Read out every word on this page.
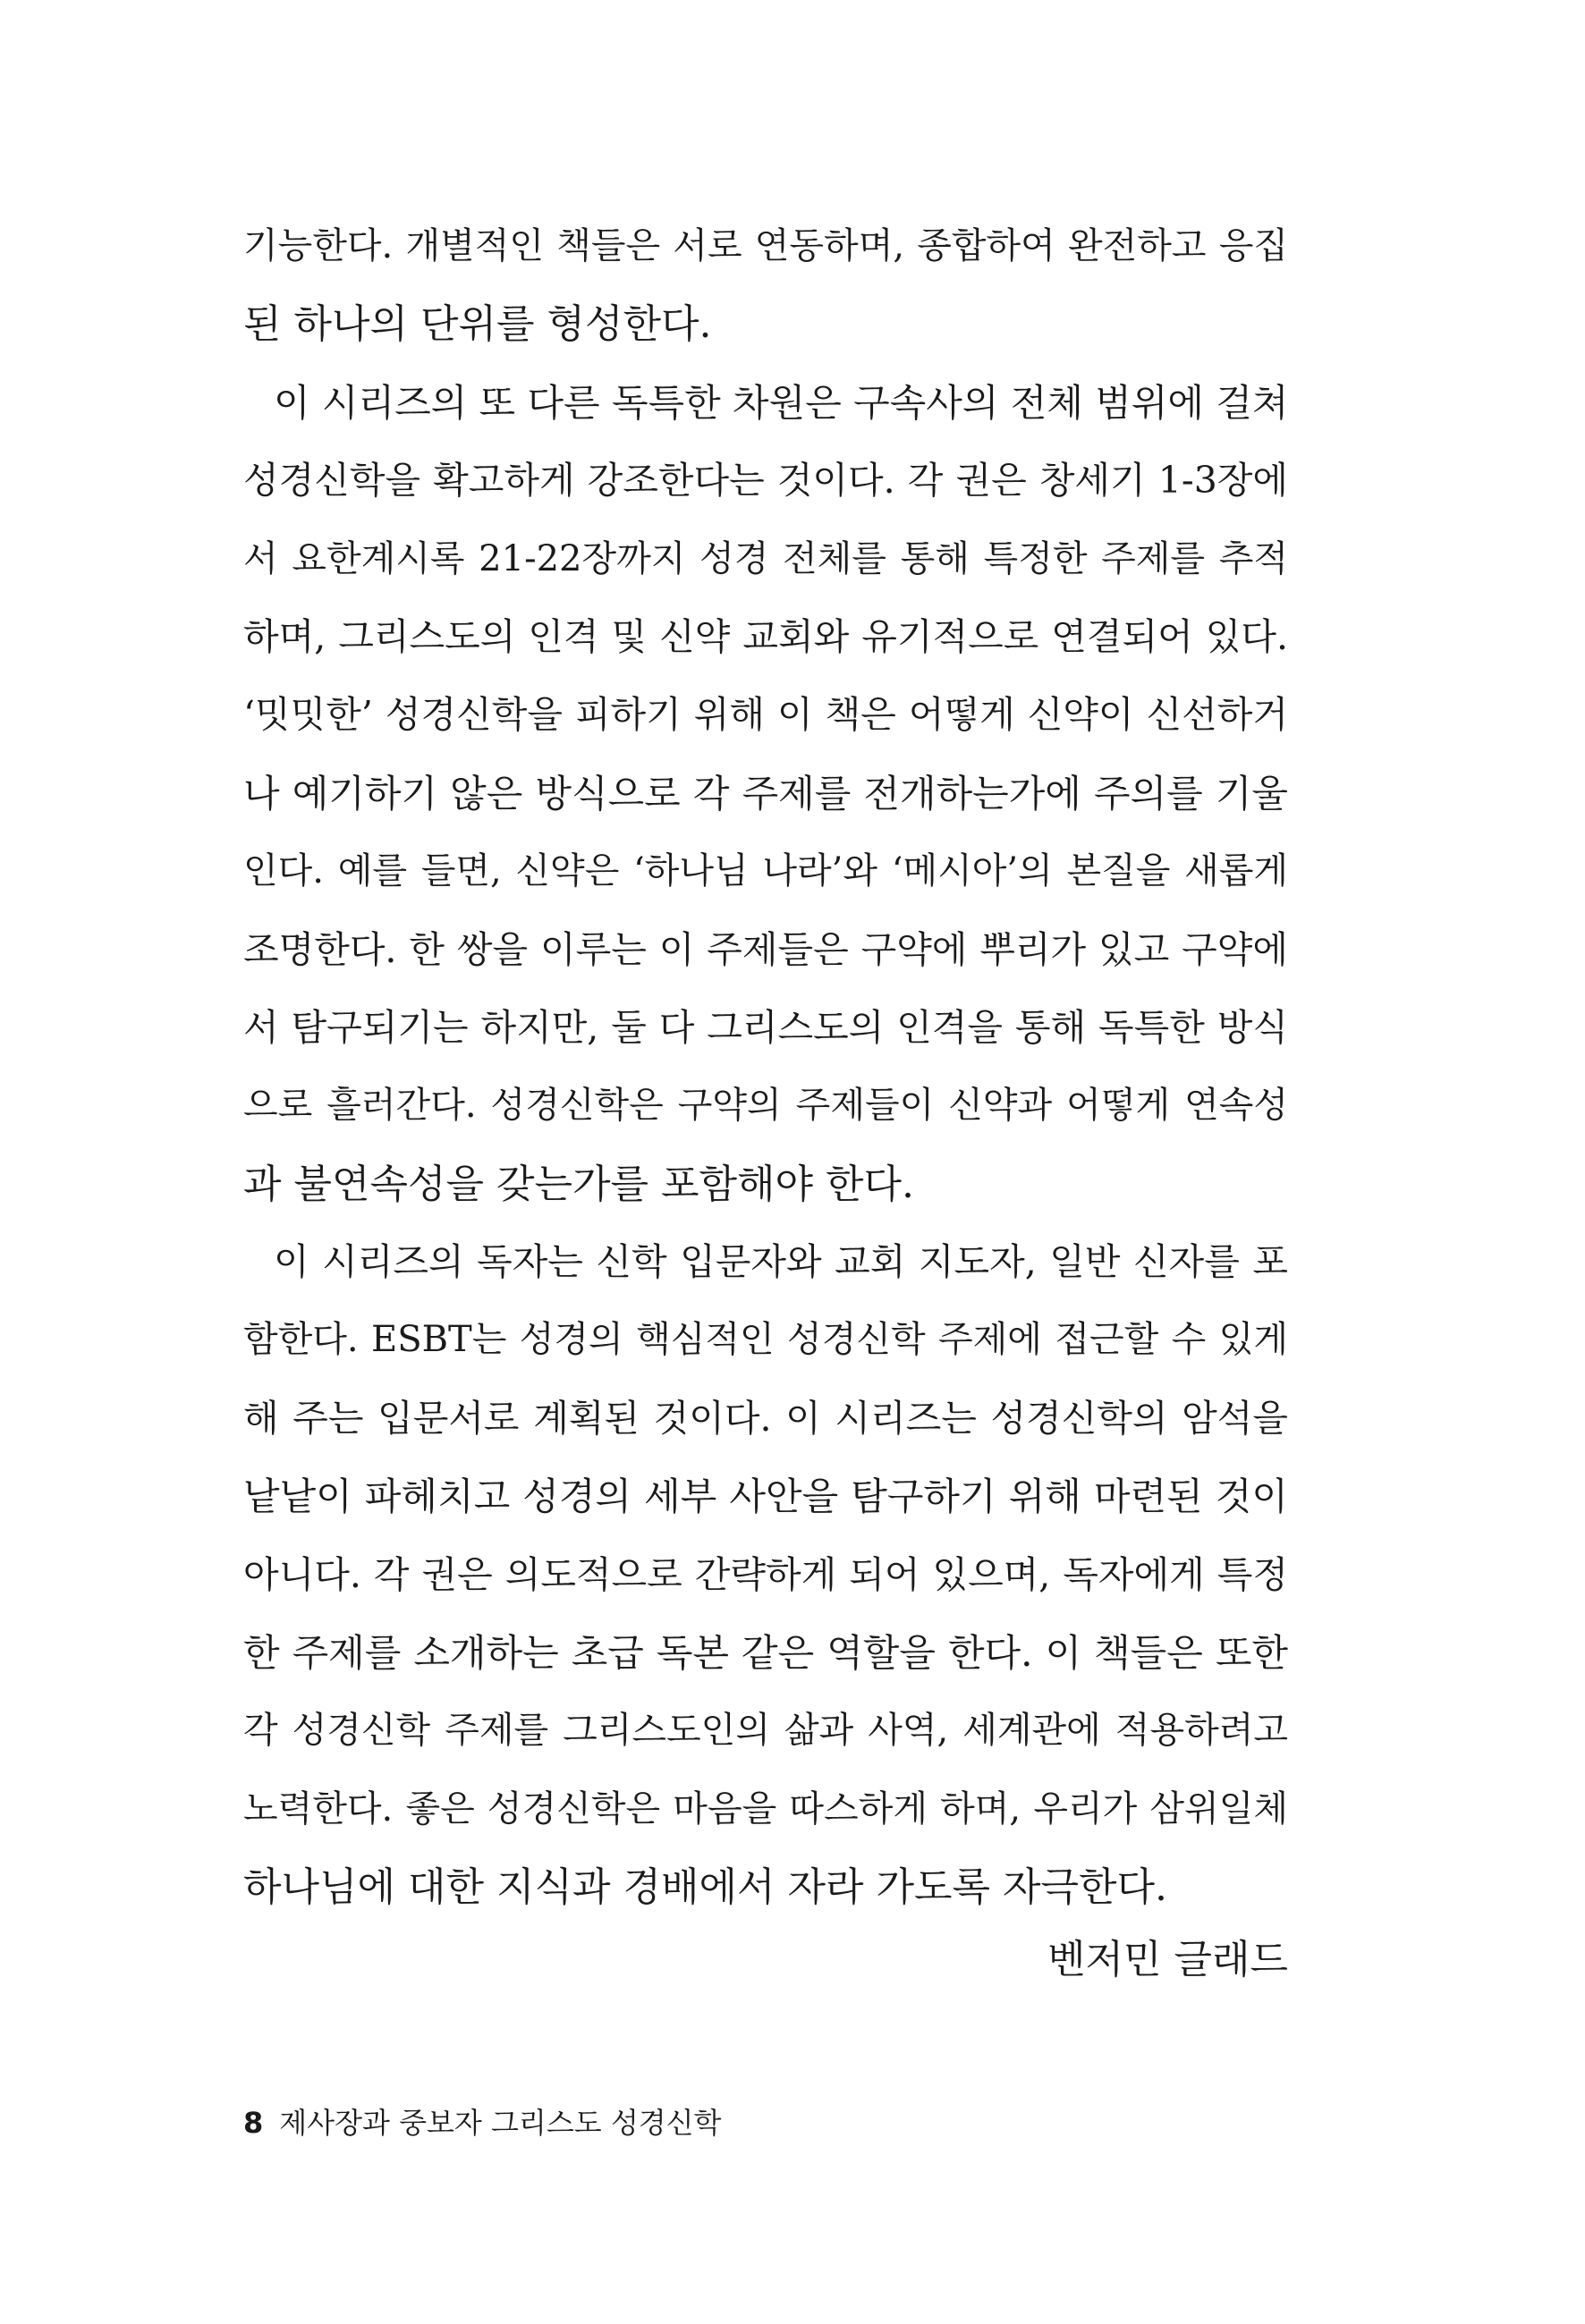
기능한다. 개별적인 책들은 서로 연동하며, 종합하여 완전하고 응집
된 하나의 단위를 형성한다.
이 시리즈의 또 다른 독특한 차원은 구속사의 전체 범위에 걸쳐
성경신학을 확고하게 강조한다는 것이다. 각 권은 창세기 1-3장에
서 요한계시록 21-22장까지 성경 전체를 통해 특정한 주제를 추적
하며, 그리스도의 인격 및 신약 교회와 유기적으로 연결되어 있다.
‘밋밋한’ 성경신학을 피하기 위해 이 책은 어떻게 신약이 신선하거
나 예기하기 않은 방식으로 각 주제를 전개하는가에 주의를 기울
인다. 예를 들면, 신약은 ‘하나님 나라’와 ‘메시아’의 본질을 새롭게
조명한다. 한 쌍을 이루는 이 주제들은 구약에 뿌리가 있고 구약에
서 탐구되기는 하지만, 둘 다 그리스도의 인격을 통해 독특한 방식
으로 흘러간다. 성경신학은 구약의 주제들이 신약과 어떻게 연속성
과 불연속성을 갖는가를 포함해야 한다.
이 시리즈의 독자는 신학 입문자와 교회 지도자, 일반 신자를 포
함한다. ESBT는 성경의 핵심적인 성경신학 주제에 접근할 수 있게
해 주는 입문서로 계획된 것이다. 이 시리즈는 성경신학의 암석을
낱낱이 파헤치고 성경의 세부 사안을 탐구하기 위해 마련된 것이
아니다. 각 권은 의도적으로 간략하게 되어 있으며, 독자에게 특정
한 주제를 소개하는 초급 독본 같은 역할을 한다. 이 책들은 또한
각 성경신학 주제를 그리스도인의 삶과 사역, 세계관에 적용하려고
노력한다. 좋은 성경신학은 마음을 따스하게 하며, 우리가 삼위일체
하나님에 대한 지식과 경배에서 자라 가도록 자극한다.
벤저민 글래드
8 제사장과 중보자 그리스도 성경신학
